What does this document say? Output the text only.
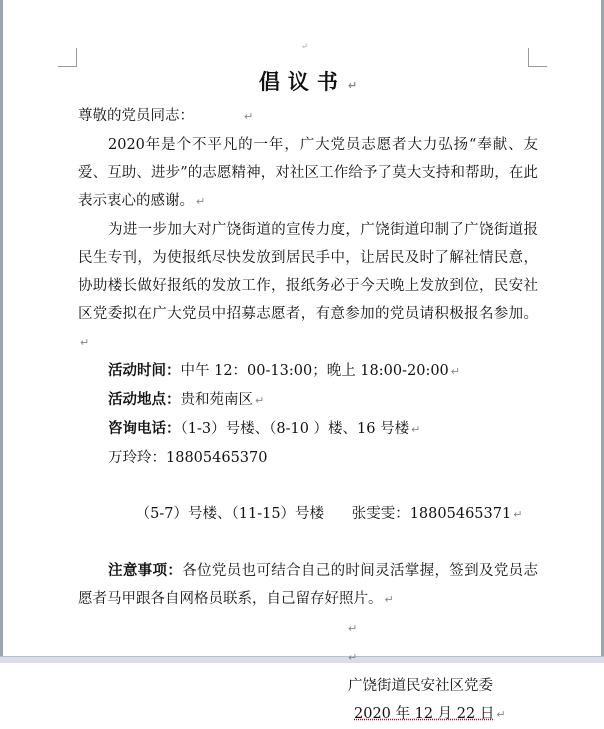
↵
倡议书 ↵
尊敬的党员同志：	↵
2020年是个不平凡的一年，广大党员志愿者大力弘扬“奉献、友爱、互助、进步”的志愿精神，对社区工作给予了莫大支持和帮助，在此表示衷心的感谢。 ↵
为进一步加大对广饶街道的宣传力度，广饶街道印制了广饶街道报民生专刊，为使报纸尽快发放到居民手中，让居民及时了解社情民意，协助楼长做好报纸的发放工作，报纸务必于今天晚上发放到位，民安社区党委拟在广大党员中招募志愿者，有意参加的党员请积极报名参加。↵
活动时间：中午 12：00-13:00；晚上 18:00-20:00 ↵
活动地点：贵和苑南区 ↵
咨询电话：（1-3）号楼、（8-10 ）楼、16 号楼 ↵
万玲玲：18805465370

（5-7）号楼、（11-15）号楼      张雯雯：18805465371 ↵

注意事项：各位党员也可结合自己的时间灵活掌握，签到及党员志愿者马甲跟各自网格员联系，自己留存好照片。 ↵
↵
↵
广饶街道民安社区党委
2020 年 12 月 22 日 ↵
